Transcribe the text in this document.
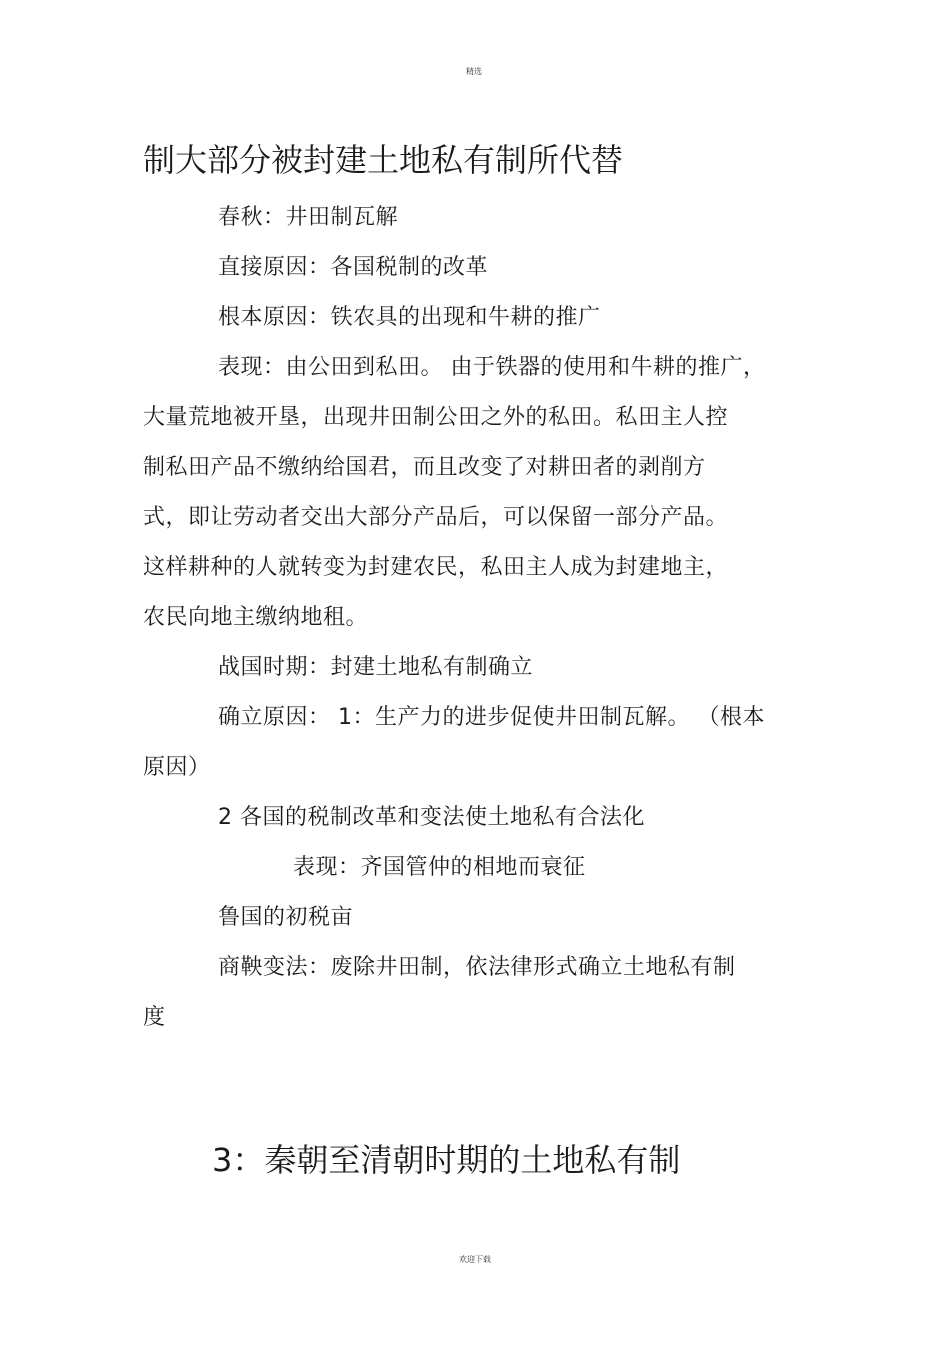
精选
制大部分被封建土地私有制所代替
春秋：井田制瓦解
直接原因：各国税制的改革
根本原因：铁农具的出现和牛耕的推广
表现：由公田到私田。 由于铁器的使用和牛耕的推广，
大量荒地被开垦，出现井田制公田之外的私田。私田主人控
制私田产品不缴纳给国君，而且改变了对耕田者的剥削方
式，即让劳动者交出大部分产品后，可以保留一部分产品。
这样耕种的人就转变为封建农民，私田主人成为封建地主，
农民向地主缴纳地租。
战国时期：封建土地私有制确立
确立原因： 1：生产力的进步促使井田制瓦解。 （根本
原因）
2 各国的税制改革和变法使土地私有合法化
表现：齐国管仲的相地而衰征
鲁国的初税亩
商鞅变法：废除井田制，依法律形式确立土地私有制
度
3：秦朝至清朝时期的土地私有制
欢迎下载
